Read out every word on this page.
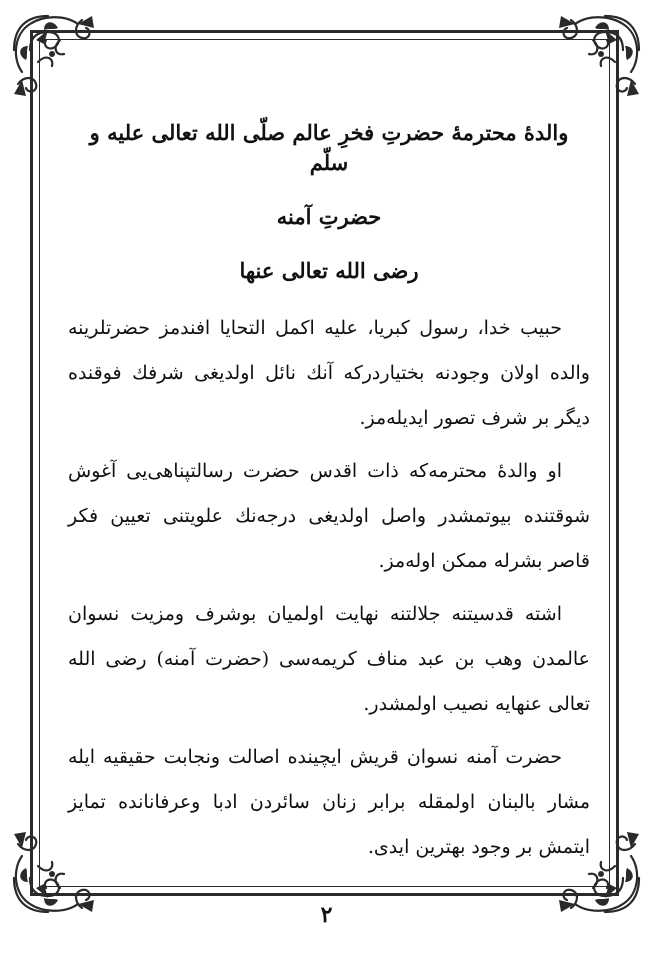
والدۀ محترمۀ حضرتِ فخرِ عالم صلّی الله تعالی علیه و سلّم

حضرتِ آمنه

رضی الله تعالی عنها

حبیب خدا، رسول کبریا، علیه اکمل التحایا افندمز حضرتلرینه والده اولان وجودنه بختیاردرکه آنك نائل اولدیغی شرفك فوقنده دیگر بر شرف تصور ایدیله‌مز.

او والدۀ محترمه‌که ذات اقدس حضرت رسالتپناهی‌یی آغوش شوقتنده بیوتمشدر واصل اولدیغی درجه‌نك علویتنی تعیین فکر قاصر بشرله ممکن اوله‌مز.

اشته قدسیتنه جلالتنه نهایت اولمیان بوشرف ومزیت نسوان عالمدن وهب بن عبد مناف کریمه‌سی (حضرت آمنه) رضی الله تعالی عنهایه نصیب اولمشدر.

حضرت آمنه نسوان قریش ایچینده اصالت ونجابت حقیقیه ایله مشار بالبنان اولمقله برابر زنان سائردن ادبا وعرفانانده تمایز ایتمش بر وجود بهترین ایدی.

٢
